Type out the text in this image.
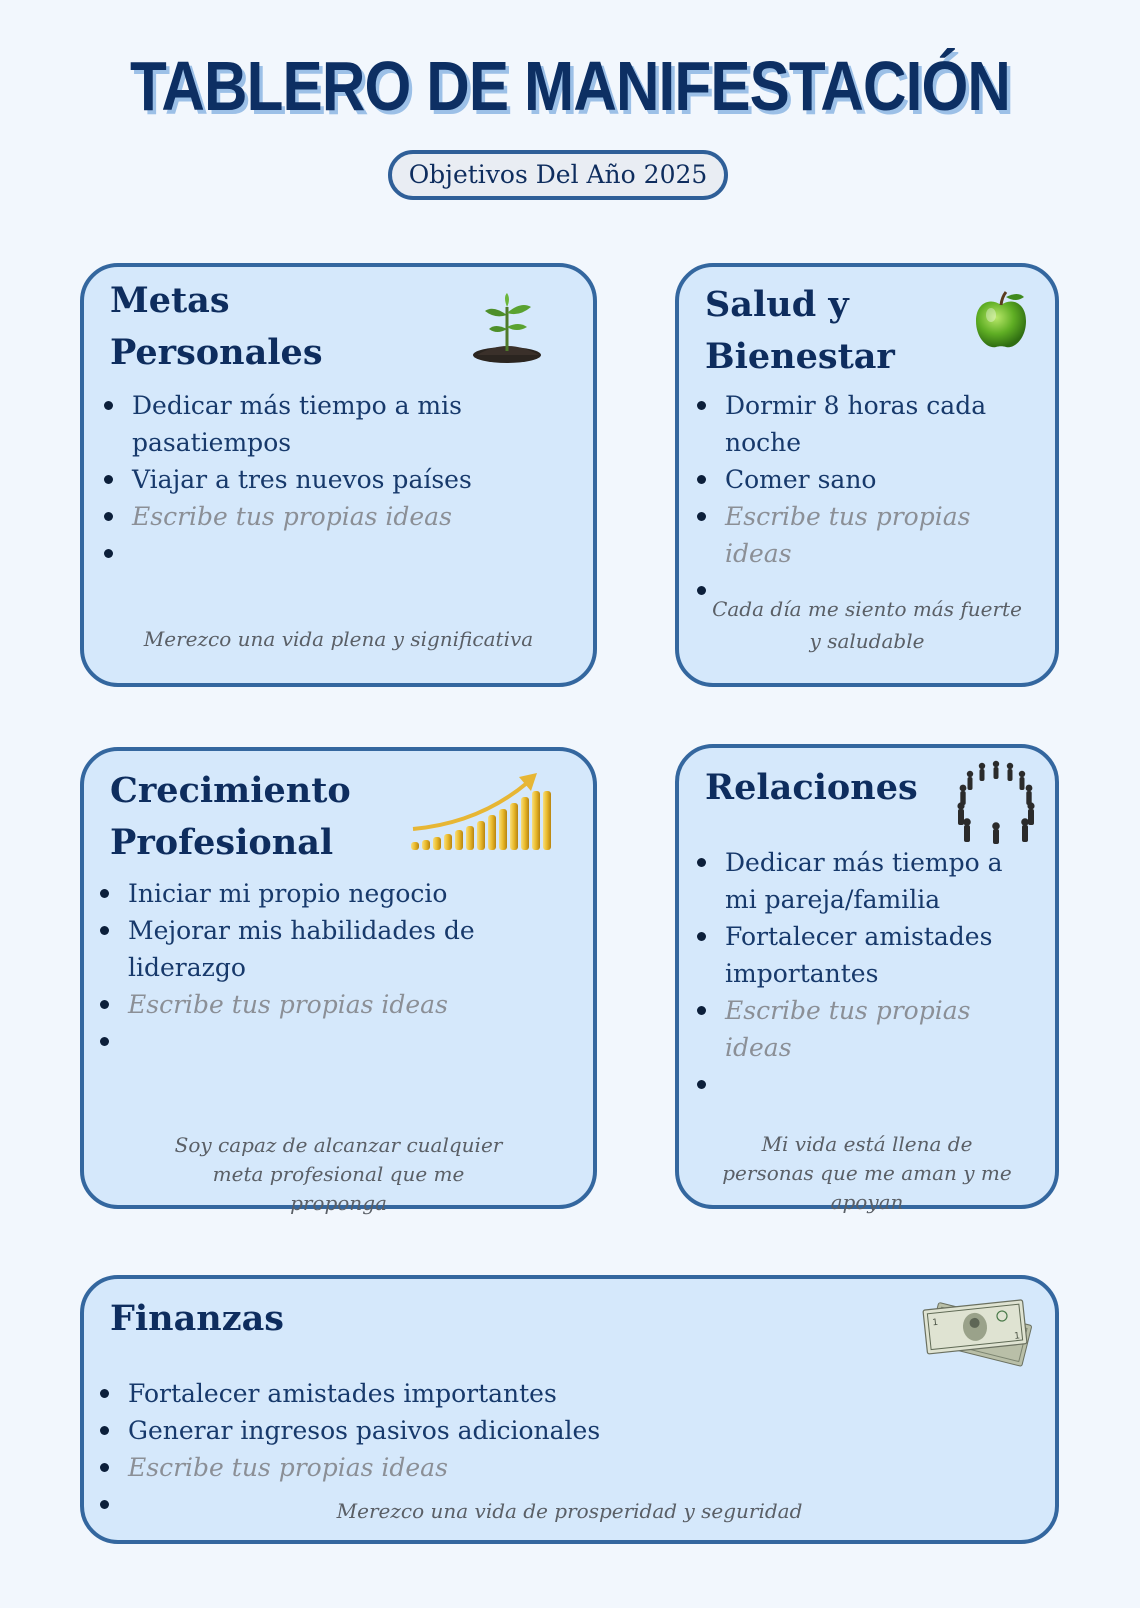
TABLERO DE MANIFESTACIÓN
Objetivos Del Año 2025
Metas
Personales
Dedicar más tiempo a mis pasatiempos
Viajar a tres nuevos países
Escribe tus propias ideas

Merezco una vida plena y significativa

Salud y
Bienestar
Dormir 8 horas cada noche
Comer sano
Escribe tus propias ideas

Cada día me siento más fuerte y saludable

Crecimiento
Profesional
Iniciar mi propio negocio
Mejorar mis habilidades de liderazgo
Escribe tus propias ideas

Soy capaz de alcanzar cualquier meta profesional que me proponga

Relaciones
Dedicar más tiempo a mi pareja/familia
Fortalecer amistades importantes
Escribe tus propias ideas

Mi vida está llena de personas que me aman y me apoyan

Finanzas	1
1
Fortalecer amistades importantes
Generar ingresos pasivos adicionales
Escribe tus propias ideas

Merezco una vida de prosperidad y seguridad
